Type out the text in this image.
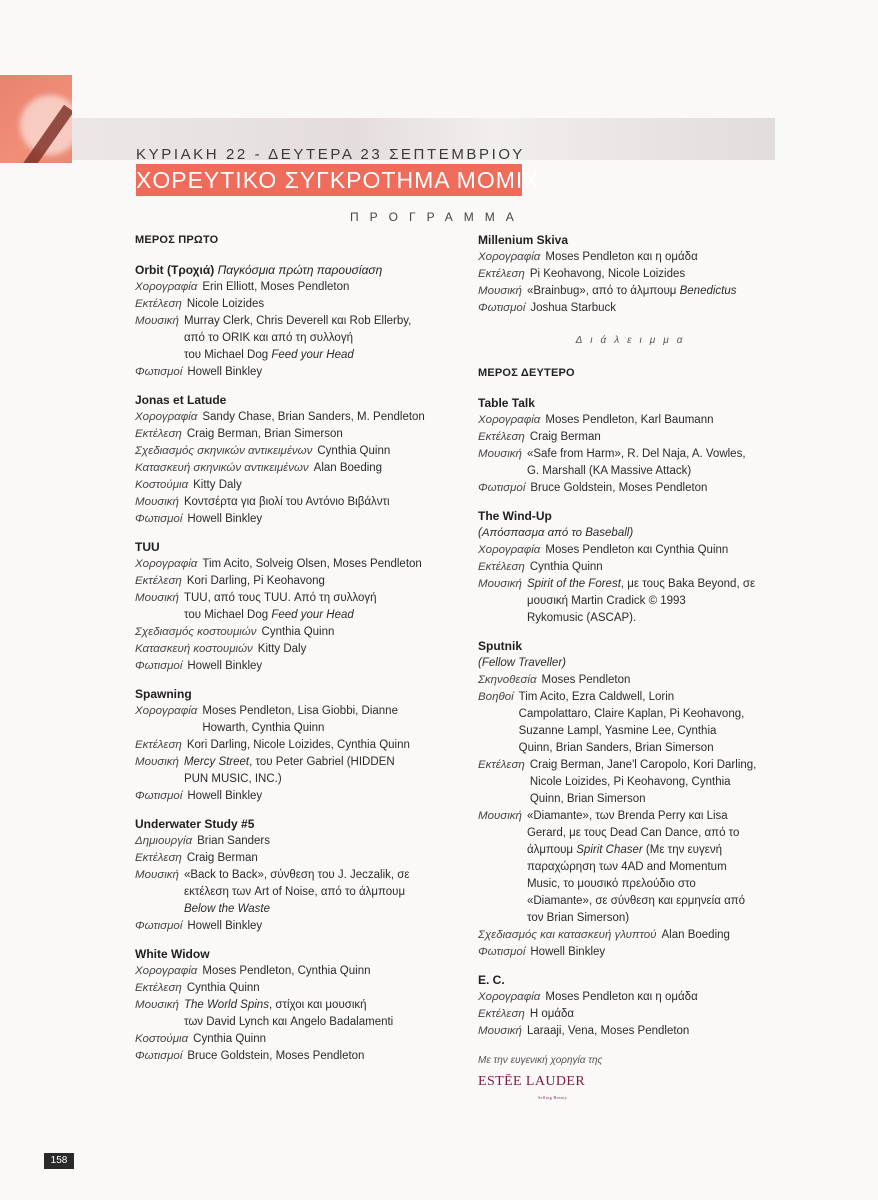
ΚΥΡΙΑΚΗ 22 - ΔΕΥΤΕΡΑ 23 ΣΕΠΤΕΜΒΡΙΟΥ
ΧΟΡΕΥΤΙΚΟ ΣΥΓΚΡΟΤΗΜΑ ΜΟΜΙΧ
ΠΡΟΓΡΑΜΜΑ
ΜΕΡΟΣ ΠΡΩΤΟ
Orbit (Τροχιά) Παγκόσμια πρώτη παρουσίαση
Χορογραφία Erin Elliott, Moses Pendleton
Εκτέλεση Nicole Loizides
Μουσική Murray Clerk, Chris Deverell και Rob Ellerby,
από το ORIK και από τη συλλογή
του Michael Dog Feed your Head
Φωτισμοί Howell Binkley
Jonas et Latude
Χορογραφία Sandy Chase, Brian Sanders, M. Pendleton
Εκτέλεση Craig Berman, Brian Simerson
Σχεδιασμός σκηνικών αντικειμένων Cynthia Quinn
Κατασκευή σκηνικών αντικειμένων Alan Boeding
Κοστούμια Kitty Daly
Μουσική Κοντσέρτα για βιολί του Αντόνιο Βιβάλντι
Φωτισμοί Howell Binkley
TUU
Χορογραφία Tim Acito, Solveig Olsen, Moses Pendleton
Εκτέλεση Kori Darling, Pi Keohavong
Μουσική TUU, από τους TUU. Από τη συλλογή
του Michael Dog Feed your Head
Σχεδιασμός κοστουμιών Cynthia Quinn
Κατασκευή κοστουμιών Kitty Daly
Φωτισμοί Howell Binkley
Spawning
Χορογραφία Moses Pendleton, Lisa Giobbi, Dianne
Howarth, Cynthia Quinn
Εκτέλεση Kori Darling, Nicole Loizides, Cynthia Quinn
Μουσική Mercy Street, του Peter Gabriel (HIDDEN
PUN MUSIC, INC.)
Φωτισμοί Howell Binkley
Underwater Study #5
Δημιουργία Brian Sanders
Εκτέλεση Craig Berman
Μουσική «Back to Back», σύνθεση του J. Jeczalik, σε
εκτέλεση των Art of Noise, από το άλμπουμ
Below the Waste
Φωτισμοί Howell Binkley
White Widow
Χορογραφία Moses Pendleton, Cynthia Quinn
Εκτέλεση Cynthia Quinn
Μουσική The World Spins, στίχοι και μουσική
των David Lynch και Angelo Badalamenti
Κοστούμια Cynthia Quinn
Φωτισμοί Bruce Goldstein, Moses Pendleton
Millenium Skiva
Χορογραφία Moses Pendleton και η ομάδα
Εκτέλεση Pi Keohavong, Nicole Loizides
Μουσική «Brainbug», από το άλμπουμ Benedictus
Φωτισμοί Joshua Starbuck
Διάλειμμα
ΜΕΡΟΣ ΔΕΥΤΕΡΟ
Table Talk
Χορογραφία Moses Pendleton, Karl Baumann
Εκτέλεση Craig Berman
Μουσική «Safe from Harm», R. Del Naja, A. Vowles,
G. Marshall (KA Massive Attack)
Φωτισμοί Bruce Goldstein, Moses Pendleton
The Wind-Up
(Απόσπασμα από το Baseball)
Χορογραφία Moses Pendleton και Cynthia Quinn
Εκτέλεση Cynthia Quinn
Μουσική Spirit of the Forest, με τους Baka Beyond, σε
μουσική Martin Cradick © 1993
Rykomusic (ASCAP).
Sputnik
(Fellow Traveller)
Σκηνοθεσία Moses Pendleton
Βοηθοί Tim Acito, Ezra Caldwell, Lorin
Campolattaro, Claire Kaplan, Pi Keohavong,
Suzanne Lampl, Yasmine Lee, Cynthia
Quinn, Brian Sanders, Brian Simerson
Εκτέλεση Craig Berman, Jane'l Caropolo, Kori Darling,
Nicole Loizides, Pi Keohavong, Cynthia
Quinn, Brian Simerson
Μουσική «Diamante», των Brenda Perry και Lisa
Gerard, με τους Dead Can Dance, από το
άλμπουμ Spirit Chaser (Με την ευγενή
παραχώρηση των 4AD and Momentum
Music, το μουσικό πρελούδιο στο
«Diamante», σε σύνθεση και ερμηνεία από
τον Brian Simerson)
Σχεδιασμός και κατασκευή γλυπτού Alan Boeding
Φωτισμοί Howell Binkley
E. C.
Χορογραφία Moses Pendleton και η ομάδα
Εκτέλεση Η ομάδα
Μουσική Laraaji, Vena, Moses Pendleton
Με την ευγενική χορηγία της
ESTĒE LAUDER
Selling Beauty
158
